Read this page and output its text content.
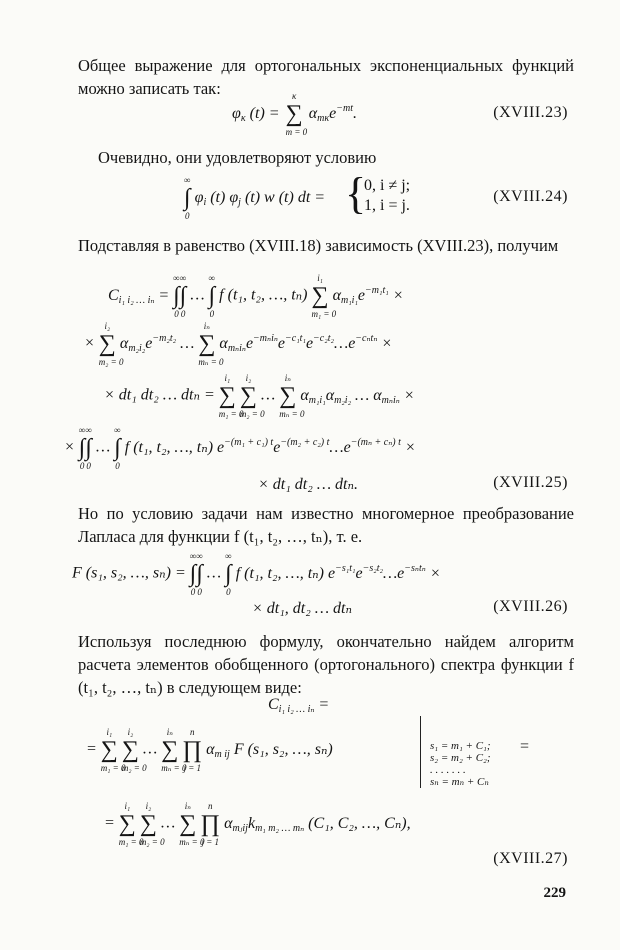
Общее выражение для ортогональных экспоненциальных функций можно записать так:
$\varphi_\kappa$ (t) =
κ
∑
m = 0
$\alpha_{m\kappa}e^{-mt}$.	(XVIII.23)
Очевидно, они удовлетворяют условию
∞
∫
0
$\varphi_i$ (t) $\varphi_j$ (t) w (t) dt = {
0, i ≠ j;
1, i = j.
(XVIII.24)
Подставляя в равенство (XVIII.18) зависимость (XVIII.23), получим
$C_{i_1 i_2 \dots i_n}$ =
∞
∫
0
∞
∫
0
…
∞
∫
0
f (t₁, t₂, …, tₙ)
i₁
∑
m₁ = 0
$\alpha_{m_1i_1}e^{-m_1t_1}$ ×
×
i₂
∑
m₂ = 0
$\alpha_{m_2i_2}e^{-m_2t_2}$ …
iₙ
∑
mₙ = 0
$\alpha_{m_ni_n}e^{-m_ni_n}e^{-c_1t_1}e^{-c_2t_2}\dots e^{-c_nt_n}$ ×
× dt₁ dt₂ … dtₙ =
i₁
∑
m₁ = 0

i₂
∑
m₂ = 0
…
iₙ
∑
mₙ = 0
$\alpha_{m_1i_1}\alpha_{m_2i_2}$ … $\alpha_{m_ni_n}$ ×
×
∞
∫
0
∞
∫
0
…
∞
∫
0
f (t₁, t₂, …, tₙ) $e^{-(m_1 + c_1) t}e^{-(m_2 + c_2) t}\dots e^{-(m_n + c_n) t}$ ×
× dt₁ dt₂ … dtₙ.	(XVIII.25)
Но по условию задачи нам известно многомерное преобразование Лапласа для функции f (t₁, t₂, …, tₙ), т. е.
F (s₁, s₂, …, sₙ) =
∞
∫
0
∞
∫
0
…
∞
∫
0
f (t₁, t₂, …, tₙ) $e^{-s_1t_1}e^{-s_2t_2}\dots e^{-s_nt_n}$ ×
× dt₁, dt₂ … dtₙ	(XVIII.26)
Используя последнюю формулу, окончательно найдем алгоритм расчета элементов обобщенного (ортогонального) спектра функции f (t₁, t₂, …, tₙ) в следующем виде:
$C_{i_1 i_2 \dots i_n}$ =
=
i₁
∑
m₁ = 0

i₂
∑
m₂ = 0
…
iₙ
∑
mₙ = 0

n
∏
j = 1
$\alpha_{m ij}$ F (s₁, s₂, …, sₙ)	s₁ = m₁ + C₁;
s₂ = m₂ + C₂;
. . . . . . .
sₙ = mₙ + Cₙ
=
=
i₁
∑
m₁ = 0

i₂
∑
m₂ = 0
…
iₙ
∑
mₙ = 0

n
∏
j = 1
$\alpha_{mⱼij}k_{m_1 m_2 \dots m_n}$ (C₁, C₂, …, Cₙ),
(XVIII.27)
229
